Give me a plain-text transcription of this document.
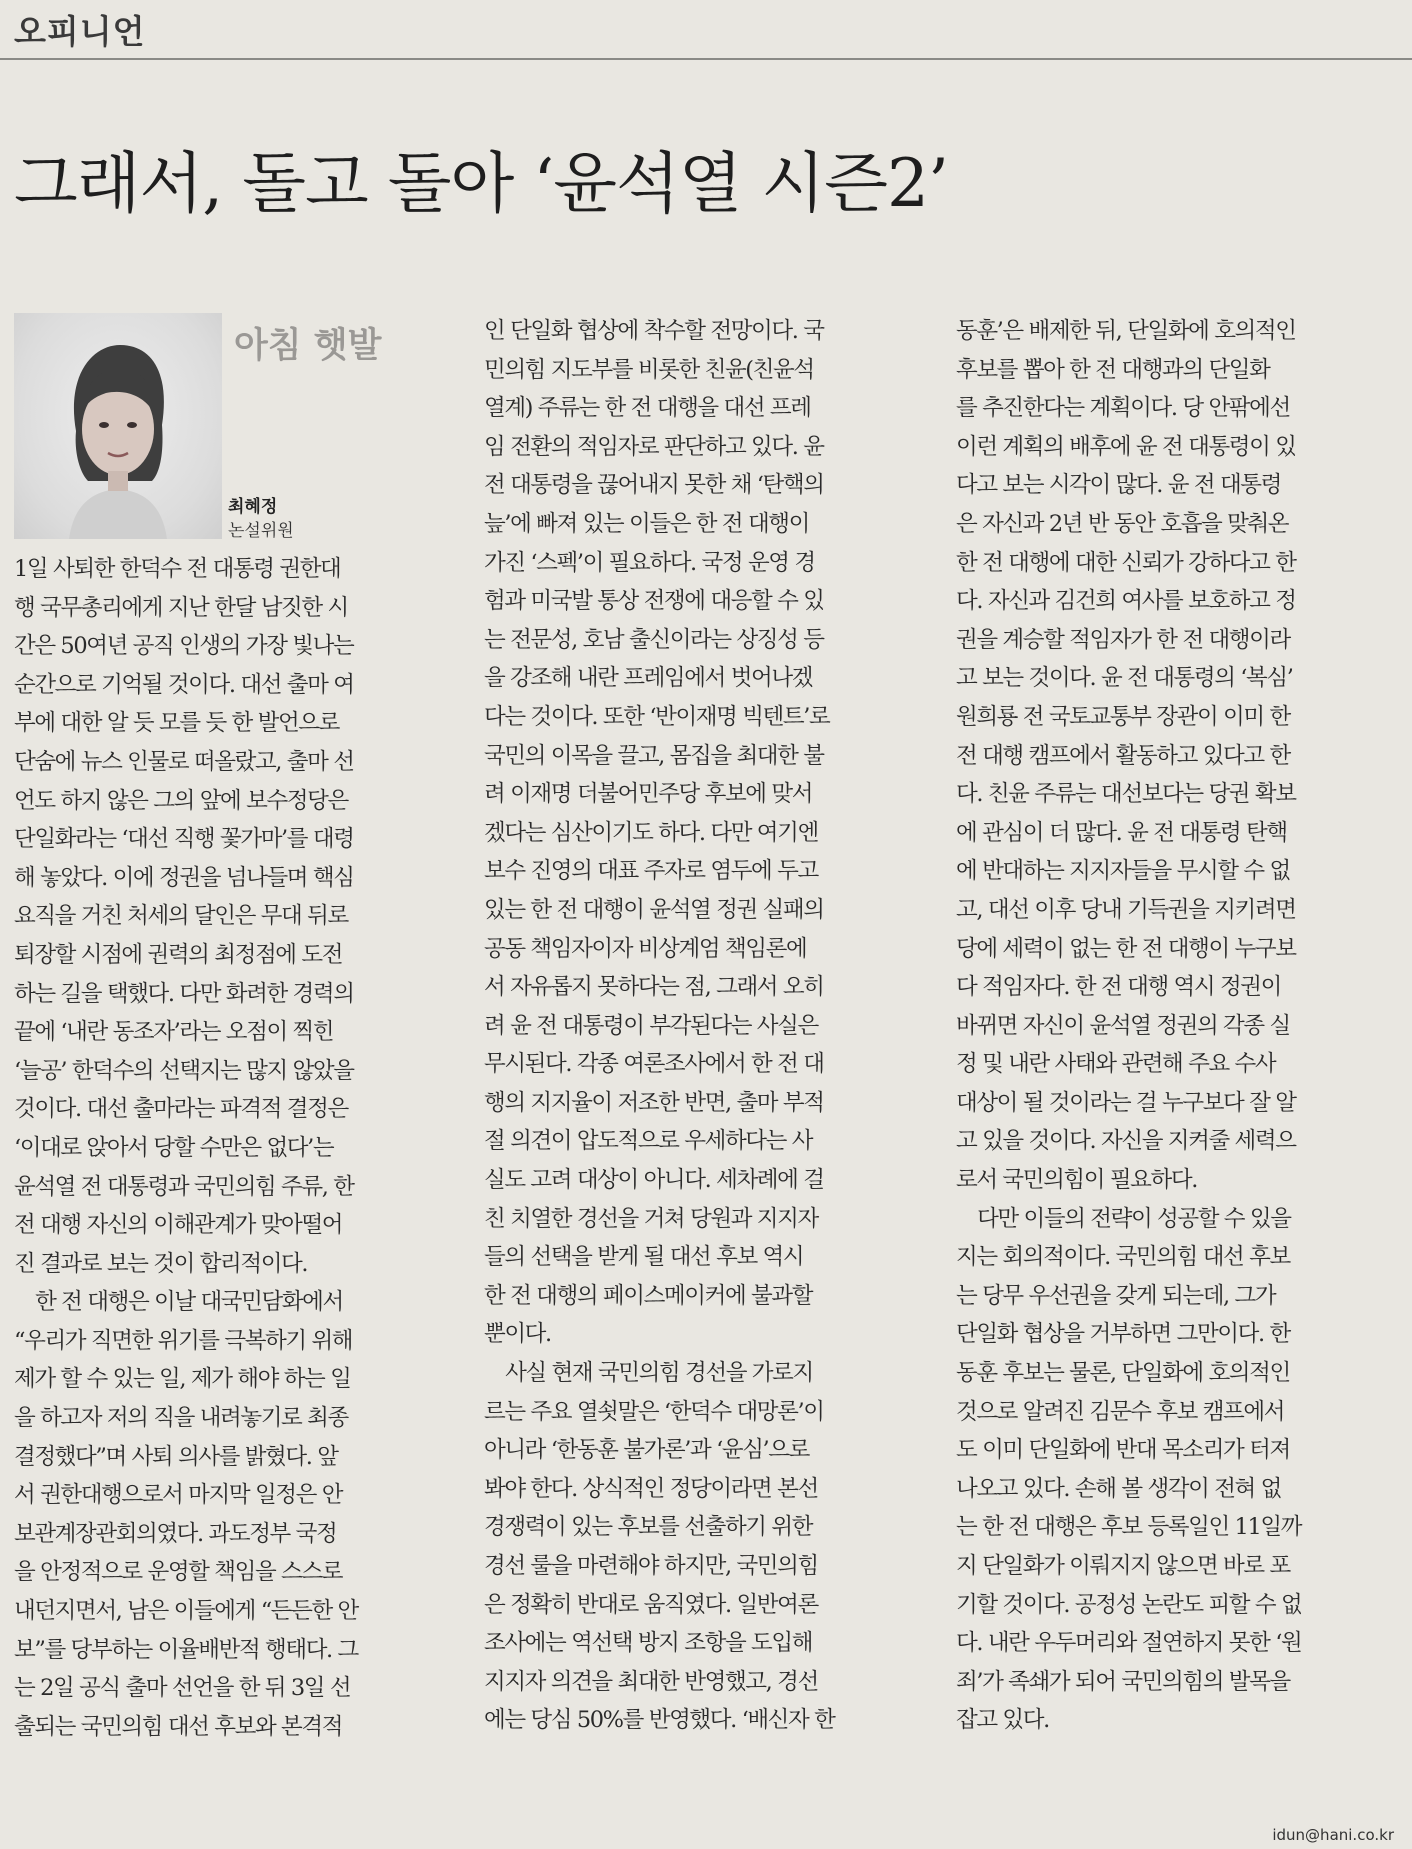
오피니언
그래서, 돌고 돌아 ‘윤석열 시즌2’
아침 햇발
최혜정
논설위원
1일 사퇴한 한덕수 전 대통령 권한대
행 국무총리에게 지난 한달 남짓한 시
간은 50여년 공직 인생의 가장 빛나는
순간으로 기억될 것이다. 대선 출마 여
부에 대한 알 듯 모를 듯 한 발언으로
단숨에 뉴스 인물로 떠올랐고, 출마 선
언도 하지 않은 그의 앞에 보수정당은
단일화라는 ‘대선 직행 꽃가마’를 대령
해 놓았다. 이에 정권을 넘나들며 핵심
요직을 거친 처세의 달인은 무대 뒤로
퇴장할 시점에 권력의 최정점에 도전
하는 길을 택했다. 다만 화려한 경력의
끝에 ‘내란 동조자’라는 오점이 찍힌
‘늘공’ 한덕수의 선택지는 많지 않았을
것이다. 대선 출마라는 파격적 결정은
‘이대로 앉아서 당할 수만은 없다’는
윤석열 전 대통령과 국민의힘 주류, 한
전 대행 자신의 이해관계가 맞아떨어
진 결과로 보는 것이 합리적이다.
　한 전 대행은 이날 대국민담화에서
“우리가 직면한 위기를 극복하기 위해
제가 할 수 있는 일, 제가 해야 하는 일
을 하고자 저의 직을 내려놓기로 최종
결정했다”며 사퇴 의사를 밝혔다. 앞
서 권한대행으로서 마지막 일정은 안
보관계장관회의였다. 과도정부 국정
을 안정적으로 운영할 책임을 스스로
내던지면서, 남은 이들에게 “든든한 안
보”를 당부하는 이율배반적 행태다. 그
는 2일 공식 출마 선언을 한 뒤 3일 선
출되는 국민의힘 대선 후보와 본격적
인 단일화 협상에 착수할 전망이다. 국
민의힘 지도부를 비롯한 친윤(친윤석
열계) 주류는 한 전 대행을 대선 프레
임 전환의 적임자로 판단하고 있다. 윤
전 대통령을 끊어내지 못한 채 ‘탄핵의
늪’에 빠져 있는 이들은 한 전 대행이
가진 ‘스펙’이 필요하다. 국정 운영 경
험과 미국발 통상 전쟁에 대응할 수 있
는 전문성, 호남 출신이라는 상징성 등
을 강조해 내란 프레임에서 벗어나겠
다는 것이다. 또한 ‘반이재명 빅텐트’로
국민의 이목을 끌고, 몸집을 최대한 불
려 이재명 더불어민주당 후보에 맞서
겠다는 심산이기도 하다. 다만 여기엔
보수 진영의 대표 주자로 염두에 두고
있는 한 전 대행이 윤석열 정권 실패의
공동 책임자이자 비상계엄 책임론에
서 자유롭지 못하다는 점, 그래서 오히
려 윤 전 대통령이 부각된다는 사실은
무시된다. 각종 여론조사에서 한 전 대
행의 지지율이 저조한 반면, 출마 부적
절 의견이 압도적으로 우세하다는 사
실도 고려 대상이 아니다. 세차례에 걸
친 치열한 경선을 거쳐 당원과 지지자
들의 선택을 받게 될 대선 후보 역시
한 전 대행의 페이스메이커에 불과할
뿐이다.
　사실 현재 국민의힘 경선을 가로지
르는 주요 열쇳말은 ‘한덕수 대망론’이
아니라 ‘한동훈 불가론’과 ‘윤심’으로
봐야 한다. 상식적인 정당이라면 본선
경쟁력이 있는 후보를 선출하기 위한
경선 룰을 마련해야 하지만, 국민의힘
은 정확히 반대로 움직였다. 일반여론
조사에는 역선택 방지 조항을 도입해
지지자 의견을 최대한 반영했고, 경선
에는 당심 50%를 반영했다. ‘배신자 한
동훈’은 배제한 뒤, 단일화에 호의적인
후보를 뽑아 한 전 대행과의 단일화
를 추진한다는 계획이다. 당 안팎에선
이런 계획의 배후에 윤 전 대통령이 있
다고 보는 시각이 많다. 윤 전 대통령
은 자신과 2년 반 동안 호흡을 맞춰온
한 전 대행에 대한 신뢰가 강하다고 한
다. 자신과 김건희 여사를 보호하고 정
권을 계승할 적임자가 한 전 대행이라
고 보는 것이다. 윤 전 대통령의 ‘복심’
원희룡 전 국토교통부 장관이 이미 한
전 대행 캠프에서 활동하고 있다고 한
다. 친윤 주류는 대선보다는 당권 확보
에 관심이 더 많다. 윤 전 대통령 탄핵
에 반대하는 지지자들을 무시할 수 없
고, 대선 이후 당내 기득권을 지키려면
당에 세력이 없는 한 전 대행이 누구보
다 적임자다. 한 전 대행 역시 정권이
바뀌면 자신이 윤석열 정권의 각종 실
정 및 내란 사태와 관련해 주요 수사
대상이 될 것이라는 걸 누구보다 잘 알
고 있을 것이다. 자신을 지켜줄 세력으
로서 국민의힘이 필요하다.
　다만 이들의 전략이 성공할 수 있을
지는 회의적이다. 국민의힘 대선 후보
는 당무 우선권을 갖게 되는데, 그가
단일화 협상을 거부하면 그만이다. 한
동훈 후보는 물론, 단일화에 호의적인
것으로 알려진 김문수 후보 캠프에서
도 이미 단일화에 반대 목소리가 터져
나오고 있다. 손해 볼 생각이 전혀 없
는 한 전 대행은 후보 등록일인 11일까
지 단일화가 이뤄지지 않으면 바로 포
기할 것이다. 공정성 논란도 피할 수 없
다. 내란 우두머리와 절연하지 못한 ‘원
죄’가 족쇄가 되어 국민의힘의 발목을
잡고 있다.
idun@hani.co.kr
